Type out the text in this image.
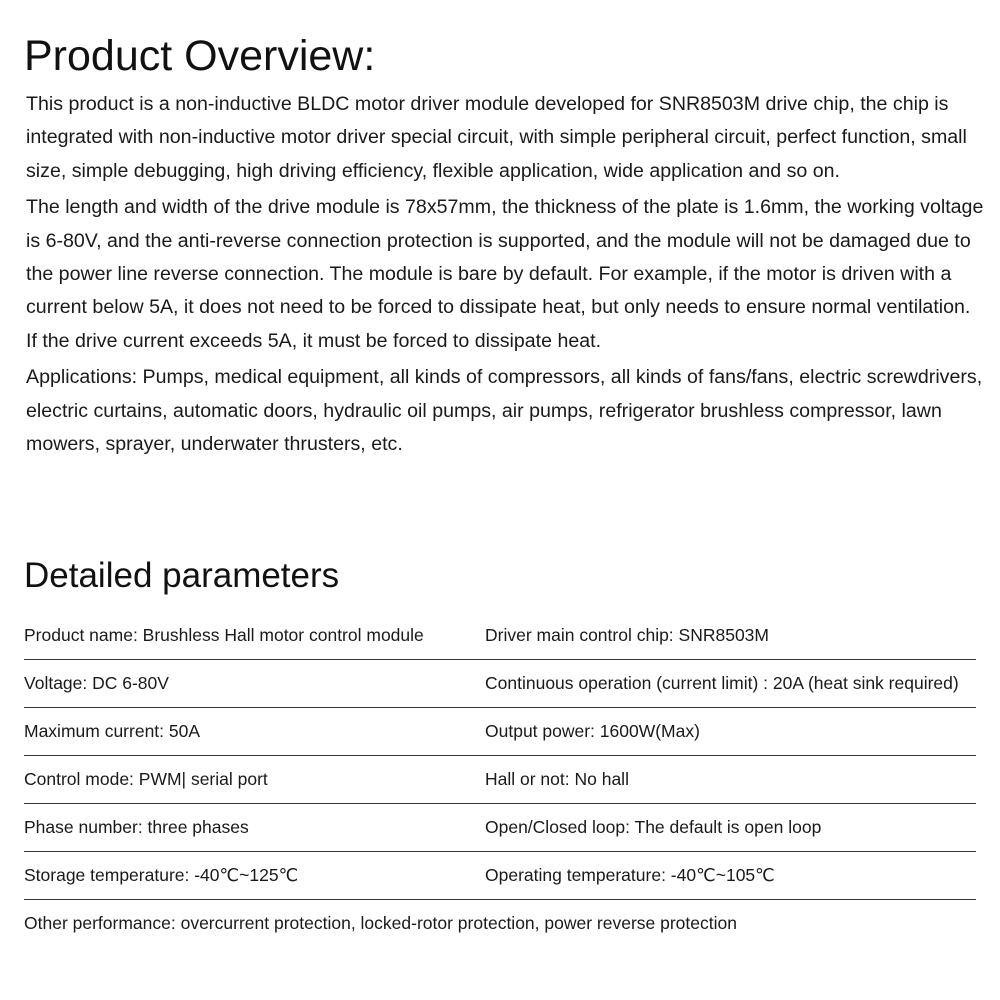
Product Overview:

This product is a non-inductive BLDC motor driver module developed for SNR8503M drive chip, the chip is integrated with non-inductive motor driver special circuit, with simple peripheral circuit, perfect function, small size, simple debugging, high driving efficiency, flexible application, wide application and so on.

The length and width of the drive module is 78x57mm, the thickness of the plate is 1.6mm, the working voltage is 6-80V, and the anti-reverse connection protection is supported, and the module will not be damaged due to the power line reverse connection. The module is bare by default. For example, if the motor is driven with a current below 5A, it does not need to be forced to dissipate heat, but only needs to ensure normal ventilation. If the drive current exceeds 5A, it must be forced to dissipate heat.

Applications: Pumps, medical equipment, all kinds of compressors, all kinds of fans/fans, electric screwdrivers, electric curtains, automatic doors, hydraulic oil pumps, air pumps, refrigerator brushless compressor, lawn mowers, sprayer, underwater thrusters, etc.

Detailed parameters
Product name: Brushless Hall motor control module	Driver main control chip: SNR8503M
Voltage: DC 6-80V	Continuous operation (current limit) : 20A (heat sink required)
Maximum current: 50A	Output power: 1600W(Max)
Control mode: PWM| serial port	Hall or not: No hall
Phase number: three phases	Open/Closed loop: The default is open loop
Storage temperature: -40℃~125℃	Operating temperature: -40℃~105℃
Other performance: overcurrent protection, locked-rotor protection, power reverse protection
